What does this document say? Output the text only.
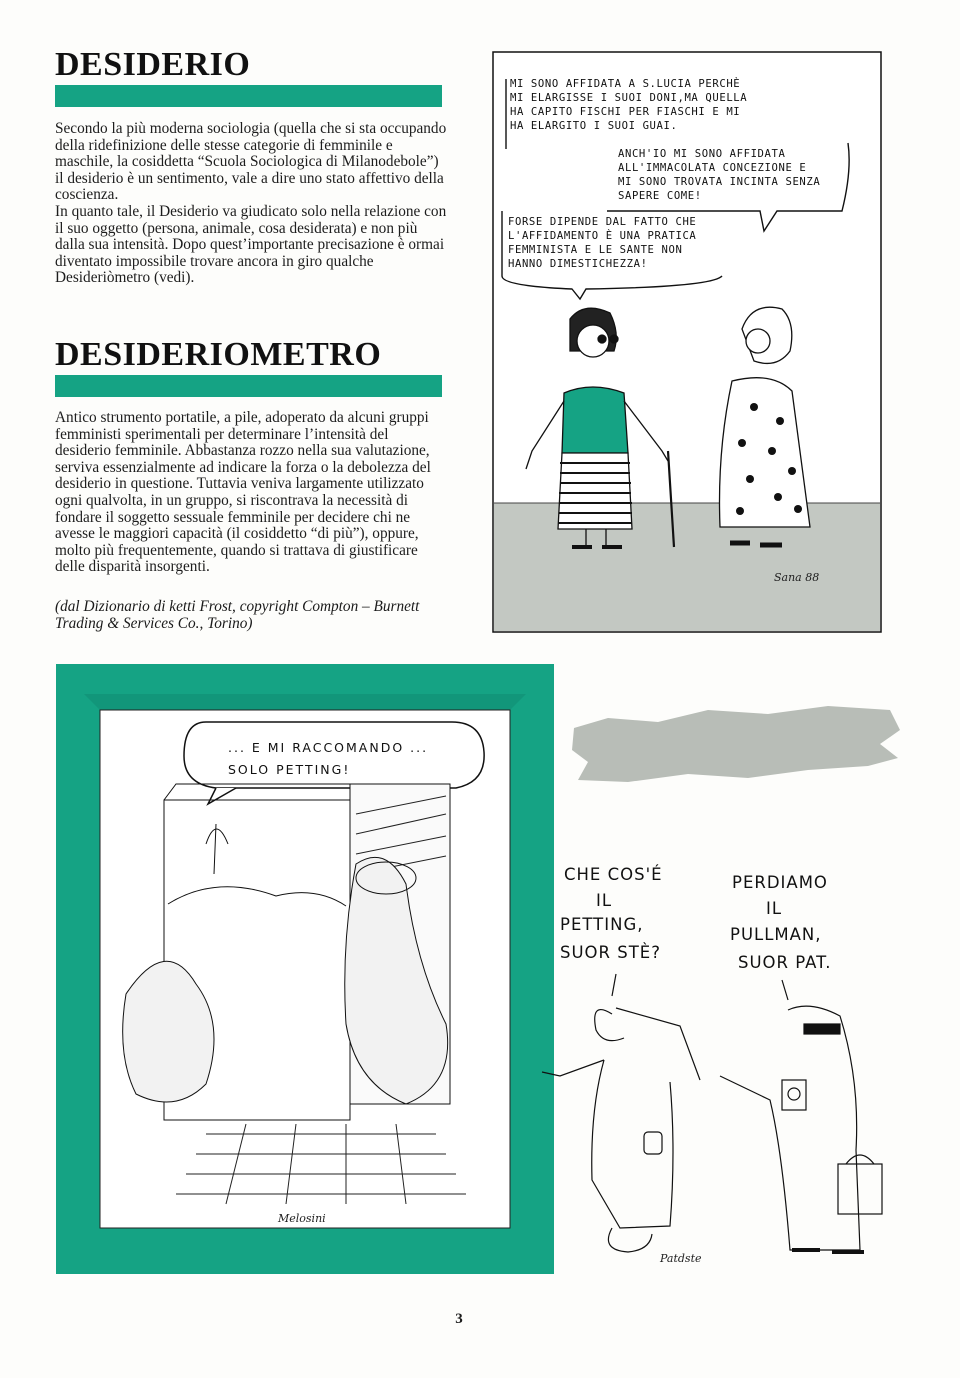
DESIDERIO

Secondo la più moderna sociologia (quella che si sta occupando della ridefinizione delle stesse categorie di femminile e maschile, la cosiddetta “Scuola Sociologica di Milanodebole”) il desiderio è un sentimento, vale a dire uno stato affettivo della coscienza.

In quanto tale, il Desiderio va giudicato solo nella relazione con il suo oggetto (persona, animale, cosa desiderata) e non più dalla sua intensità. Dopo quest’importante precisazione è ormai diventato impossibile trovare ancora in giro qualche Desideriòmetro (vedi).

DESIDERIOMETRO

Antico strumento portatile, a pile, adoperato da alcuni gruppi femministi sperimentali per determinare l’intensità del desiderio femminile. Abbastanza rozzo nella sua valutazione, serviva essenzialmente ad indicare la forza o la debolezza del desiderio in questione. Tuttavia veniva largamente utilizzato ogni qualvolta, in un gruppo, si riscontrava la necessità di fondare il soggetto sessuale femminile per decidere chi ne avesse le maggiori capacità (il cosiddetto “di più”), oppure, molto più frequentemente, quando si trattava di giustificare delle disparità insorgenti.

(dal Dizionario di ketti Frost, copyright Compton – Burnett Trading & Services Co., Torino)

MI SONO AFFIDATA A S.LUCIA PERCHÈ MI ELARGISSE I SUOI DONI,MA QUELLA HA CAPITO FISCHI PER FIASCHI E MI HA ELARGITO I SUOI GUAI.
ANCH'IO MI SONO AFFIDATA ALL'IMMACOLATA CONCEZIONE E MI SONO TROVATA INCINTA SENZA SAPERE COME!
FORSE DIPENDE DAL FATTO CHE L'AFFIDAMENTO È UNA PRATICA FEMMINISTA E LE SANTE NON HANNO DIMESTICHEZZA!
Sana 88
... E MI RACCOMANDO ... SOLO PETTING!
Melosini
CHE COS'É IL PETTING, SUOR STÈ?
PERDIAMO IL PULLMAN, SUOR PAT.
Patdste
3
